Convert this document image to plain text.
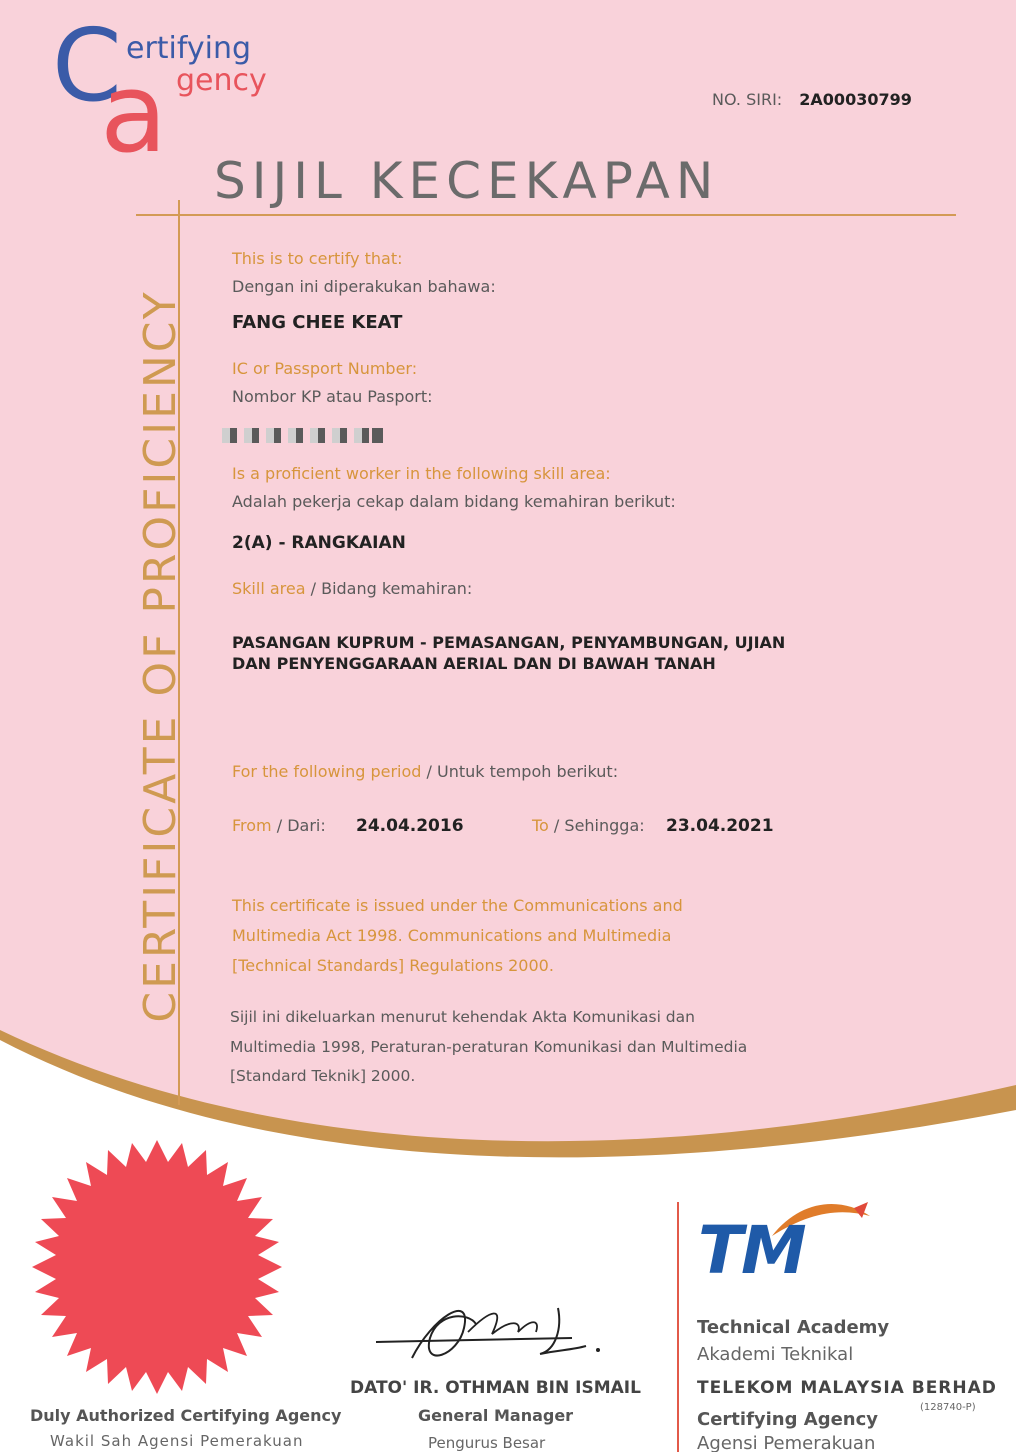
C
a
ertifying
gency
NO. SIRI: 2A00030799
SIJIL KECEKAPAN
CERTIFICATE OF PROFICIENCY
This is to certify that:
Dengan ini diperakukan bahawa:
FANG CHEE KEAT
IC or Passport Number:
Nombor KP atau Pasport:
Is a proficient worker in the following skill area:
Adalah pekerja cekap dalam bidang kemahiran berikut:
2(A) - RANGKAIAN
Skill area / Bidang kemahiran:
PASANGAN KUPRUM - PEMASANGAN, PENYAMBUNGAN, UJIAN
DAN PENYENGGARAAN AERIAL DAN DI BAWAH TANAH
For the following period / Untuk tempoh berikut:
From / Dari: 24.04.2016	To / Sehingga: 23.04.2021
This certificate is issued under the Communications and
Multimedia Act 1998. Communications and Multimedia
[Technical Standards] Regulations 2000.
Sijil ini dikeluarkan menurut kehendak Akta Komunikasi dan
Multimedia 1998, Peraturan-peraturan Komunikasi dan Multimedia
[Standard Teknik] 2000.
Duly Authorized Certifying Agency
Wakil Sah Agensi Pemerakuan
DATO' IR. OTHMAN BIN ISMAIL
General Manager
Pengurus Besar
TM
Technical Academy
Akademi Teknikal
TELEKOM MALAYSIA BERHAD
(128740-P)
Certifying Agency
Agensi Pemerakuan
